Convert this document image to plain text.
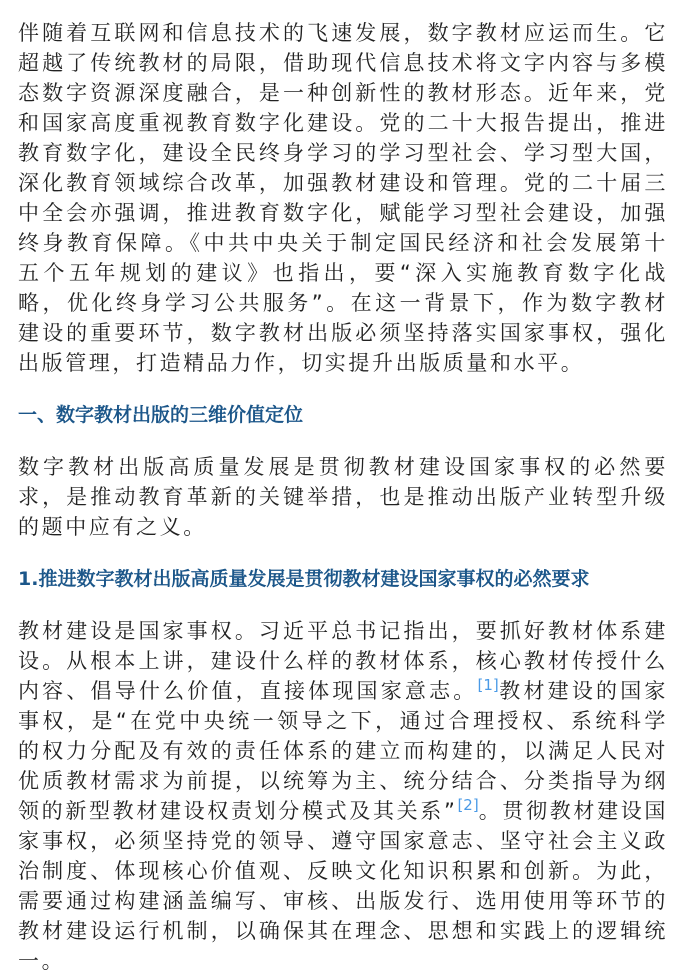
伴随着互联网和信息技术的飞速发展，数字教材应运而生。它超越了传统教材的局限，借助现代信息技术将文字内容与多模态数字资源深度融合，是一种创新性的教材形态。近年来，党和国家高度重视教育数字化建设。党的二十大报告提出，推进教育数字化，建设全民终身学习的学习型社会、学习型大国，深化教育领域综合改革，加强教材建设和管理。党的二十届三中全会亦强调，推进教育数字化，赋能学习型社会建设，加强终身教育保障。《中共中央关于制定国民经济和社会发展第十五个五年规划的建议》也指出，要“深入实施教育数字化战略，优化终身学习公共服务”。在这一背景下，作为数字教材建设的重要环节，数字教材出版必须坚持落实国家事权，强化出版管理，打造精品力作，切实提升出版质量和水平。

一、数字教材出版的三维价值定位

数字教材出版高质量发展是贯彻教材建设国家事权的必然要求，是推动教育革新的关键举措，也是推动出版产业转型升级的题中应有之义。

1.推进数字教材出版高质量发展是贯彻教材建设国家事权的必然要求

教材建设是国家事权。习近平总书记指出，要抓好教材体系建设。从根本上讲，建设什么样的教材体系，核心教材传授什么内容、倡导什么价值，直接体现国家意志。[1]教材建设的国家事权，是“在党中央统一领导之下，通过合理授权、系统科学的权力分配及有效的责任体系的建立而构建的，以满足人民对优质教材需求为前提，以统筹为主、统分结合、分类指导为纲领的新型教材建设权责划分模式及其关系”[2]。贯彻教材建设国家事权，必须坚持党的领导、遵守国家意志、坚守社会主义政治制度、体现核心价值观、反映文化知识积累和创新。为此，需要通过构建涵盖编写、审核、出版发行、选用使用等环节的教材建设运行机制，以确保其在理念、思想和实践上的逻辑统一。
